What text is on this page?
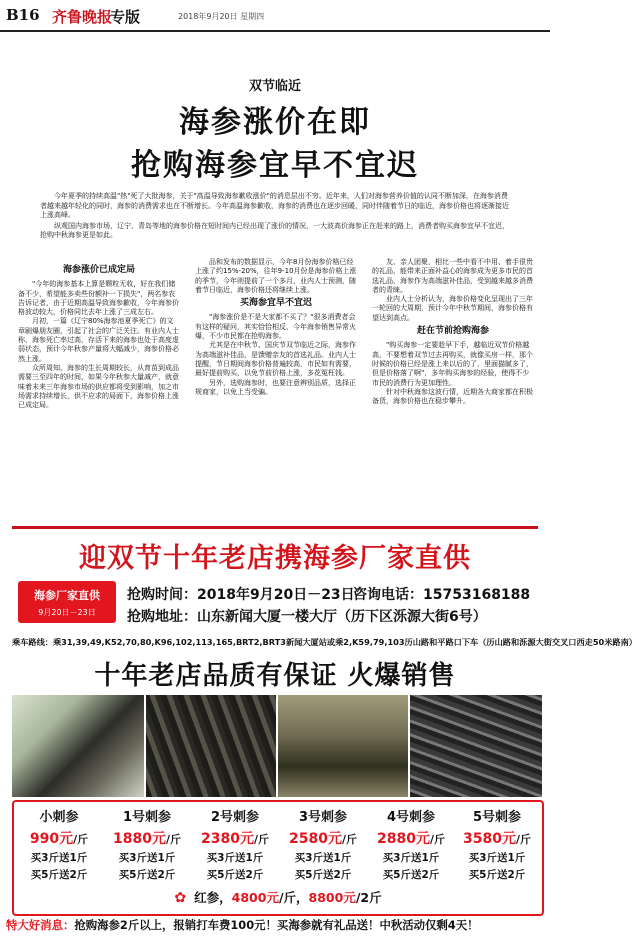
B16 齐鲁晚报
专版	2018年9月20日 星期四
双节临近
海参涨价在即
抢购海参宜早不宜迟

今年夏季的持续高温"热"死了大批海参，关于"高温导致海参歉收涨价"的消息层出不穷。近年来，人们对海参营养价值的认同不断加深，在海参消费者越来越年轻化的同时，海参的消费需求也在不断增长。今年高温海参歉收，海参的消费也在逐步回暖，同时伴随着节日的临近，海参价格也将逐渐接近上涨高峰。

纵观国内海参市场，辽宁、青岛等地的海参价格在短时间内已经出现了涨价的情况，一大波高价海参正在赶来的路上，消费者购买海参宜早不宜迟，抢购中秋海参更是如此。

海参涨价已成定局

"今年的海参基本上算是颗粒无收，好在我们储备不少，希望能多卖些份额补一下损失"，两名参农告诉记者，由于近期高温导致海参歉收，今年海参价格波动较大，价格同比去年上涨了三成左右。

月初，一篇《辽宁80%海参池夏季死亡》的文章刷爆朋友圈，引起了社会的广泛关注。有业内人士称，海参死亡率过高，存活下来的海参也处于高度虚弱状态，预计今年秋参产量将大幅减少，海参价格必然上涨。

众所周知，海参的生长周期较长，从育苗到成品需要三至四年的时间，如果今年秋参大量减产，就意味着未来三年海参市场的供应都将受到影响，加之市场需求持续增长，供不应求的局面下，海参价格上涨已成定局。

品和发布的数据显示，今年8月份海参价格已经上涨了约15%-20%，往年9-10月份是海参价格上涨的季节，今年则提前了一个多月，业内人士预测，随着节日临近，海参价格还将继续上涨。

买海参宜早不宜迟

"海参涨价是不是大家都不买了？"很多消费者会有这样的疑问，其实恰恰相反，今年海参销售异常火爆，不少市民都在抢购海参。

尤其是在中秋节、国庆节双节临近之际，海参作为高端滋补佳品，是馈赠亲友的首选礼品。业内人士提醒，节日期间海参价格普遍较高，市民如有需要，最好提前购买，以免节前价格上涨，多花冤枉钱。

另外，选购海参时，也要注意辨别品质，选择正规商家，以免上当受骗。

友、亲人团聚，相比一些中看不中用、着手很贵的礼品，能带来正面补益心的海参成为更多市民的首选礼品，海参作为高端滋补佳品，受到越来越多消费者的青睐。

业内人士分析认为，海参价格变化呈现出了三年一轮回的大周期，预计今年中秋节期间，海参价格有望达到高点。

赶在节前抢购海参

"购买海参一定要趁早下手，越临近双节价格越高，不要想着双节过去再购买，就像买房一样，那个时候的价格已经是涨上来以后的了，里面猫腻多了，但是价格落了啊"，多年购买海参的经验，使得不少市民的消费行为更加理性。

针对中秋海参这波行情，近期各大商家都在积极备货，海参价格也在稳步攀升。

迎双节十年老店携海参厂家直供
海参厂家直供
9月20日－23日
抢购时间：2018年9月20日－23日
咨询电话：15753168188
抢购地址：山东新闻大厦一楼大厅（历下区泺源大街6号）
乘车路线：乘31,39,49,K52,70,80,K96,102,113,165,BRT2,BRT3新闻大厦站或乘2,K59,79,103历山路和平路口下车（历山路和泺源大街交叉口西走50米路南）
十年老店品质有保证 火爆销售
小刺参
990元/斤
买3斤送1斤
买5斤送2斤
1号刺参
1880元/斤
买3斤送1斤
买5斤送2斤
2号刺参
2380元/斤
买3斤送1斤
买5斤送2斤
3号刺参
2580元/斤
买3斤送1斤
买5斤送2斤
4号刺参
2880元/斤
买3斤送1斤
买5斤送2斤
5号刺参
3580元/斤
买3斤送1斤
买5斤送2斤
✿ 红参，4800元/斤，8800元/2斤
特大好消息：抢购海参2斤以上，报销打车费100元！买海参就有礼品送！中秋活动仅剩4天！
